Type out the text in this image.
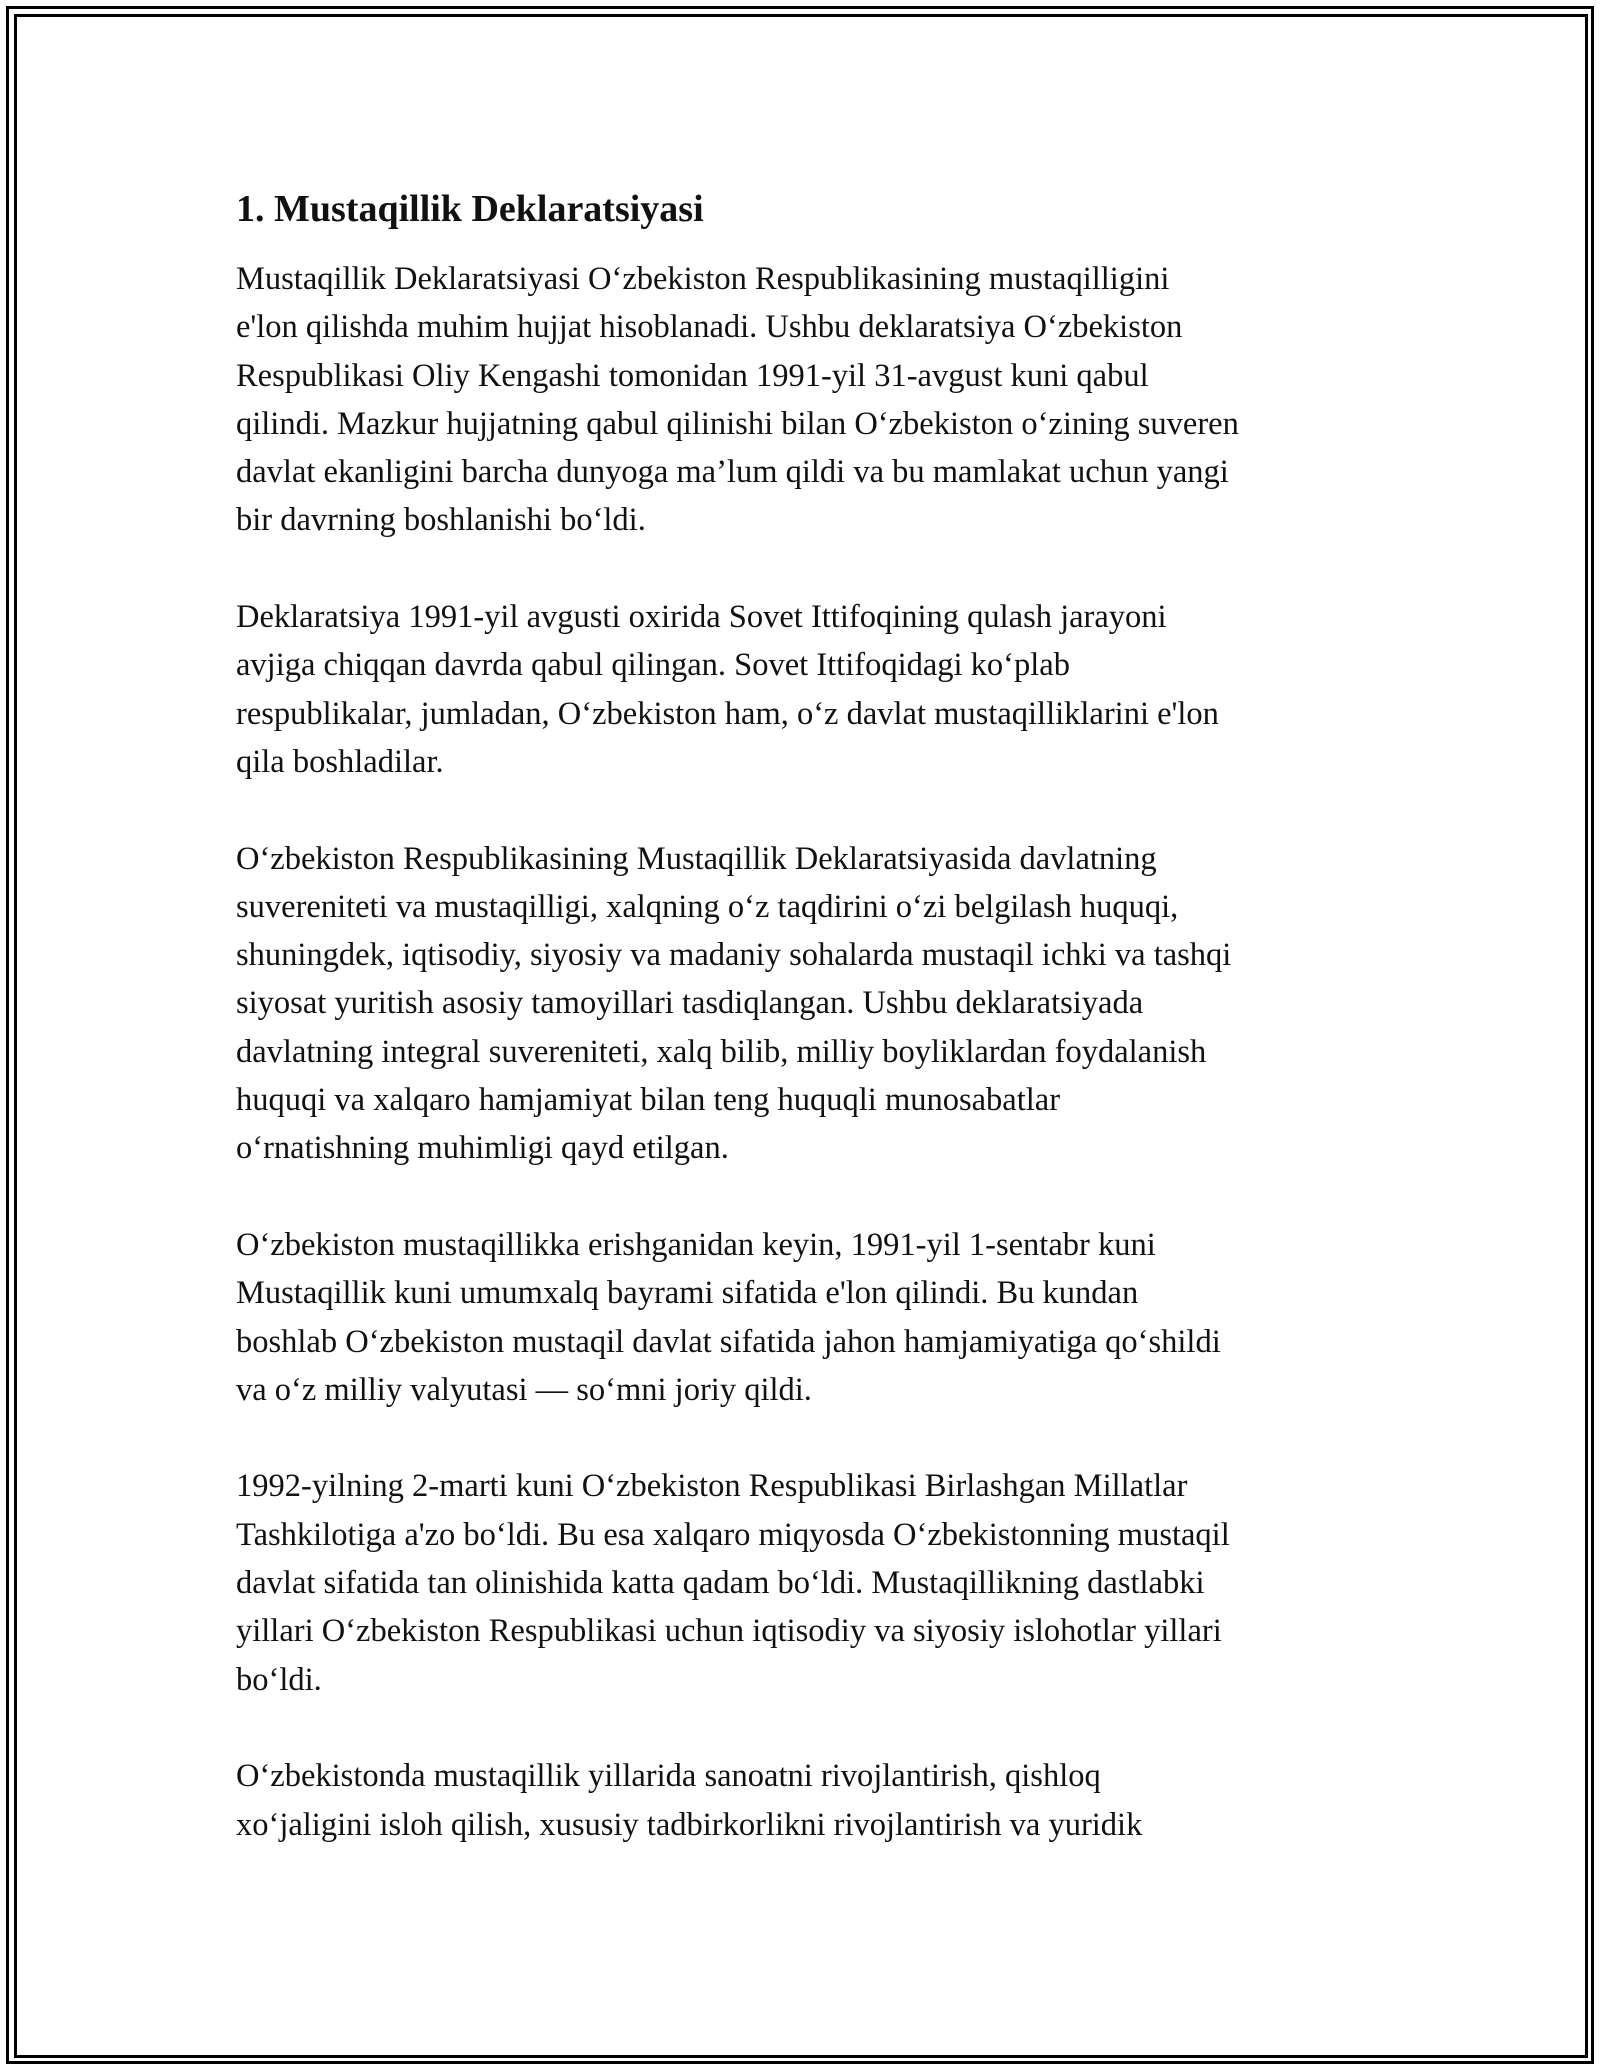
1. Mustaqillik Deklaratsiyasi

Mustaqillik Deklaratsiyasi O‘zbekiston Respublikasining mustaqilligini
e'lon qilishda muhim hujjat hisoblanadi. Ushbu deklaratsiya O‘zbekiston
Respublikasi Oliy Kengashi tomonidan 1991-yil 31-avgust kuni qabul
qilindi. Mazkur hujjatning qabul qilinishi bilan O‘zbekiston o‘zining suveren
davlat ekanligini barcha dunyoga ma’lum qildi va bu mamlakat uchun yangi
bir davrning boshlanishi bo‘ldi.

Deklaratsiya 1991-yil avgusti oxirida Sovet Ittifoqining qulash jarayoni
avjiga chiqqan davrda qabul qilingan. Sovet Ittifoqidagi ko‘plab
respublikalar, jumladan, O‘zbekiston ham, o‘z davlat mustaqilliklarini e'lon
qila boshladilar.

O‘zbekiston Respublikasining Mustaqillik Deklaratsiyasida davlatning
suvereniteti va mustaqilligi, xalqning o‘z taqdirini o‘zi belgilash huquqi,
shuningdek, iqtisodiy, siyosiy va madaniy sohalarda mustaqil ichki va tashqi
siyosat yuritish asosiy tamoyillari tasdiqlangan. Ushbu deklaratsiyada
davlatning integral suvereniteti, xalq bilib, milliy boyliklardan foydalanish
huquqi va xalqaro hamjamiyat bilan teng huquqli munosabatlar
o‘rnatishning muhimligi qayd etilgan.

O‘zbekiston mustaqillikka erishganidan keyin, 1991-yil 1-sentabr kuni
Mustaqillik kuni umumxalq bayrami sifatida e'lon qilindi. Bu kundan
boshlab O‘zbekiston mustaqil davlat sifatida jahon hamjamiyatiga qo‘shildi
va o‘z milliy valyutasi — so‘mni joriy qildi.

1992-yilning 2-marti kuni O‘zbekiston Respublikasi Birlashgan Millatlar
Tashkilotiga a'zo bo‘ldi. Bu esa xalqaro miqyosda O‘zbekistonning mustaqil
davlat sifatida tan olinishida katta qadam bo‘ldi. Mustaqillikning dastlabki
yillari O‘zbekiston Respublikasi uchun iqtisodiy va siyosiy islohotlar yillari
bo‘ldi.

O‘zbekistonda mustaqillik yillarida sanoatni rivojlantirish, qishloq
xo‘jaligini isloh qilish, xususiy tadbirkorlikni rivojlantirish va yuridik
